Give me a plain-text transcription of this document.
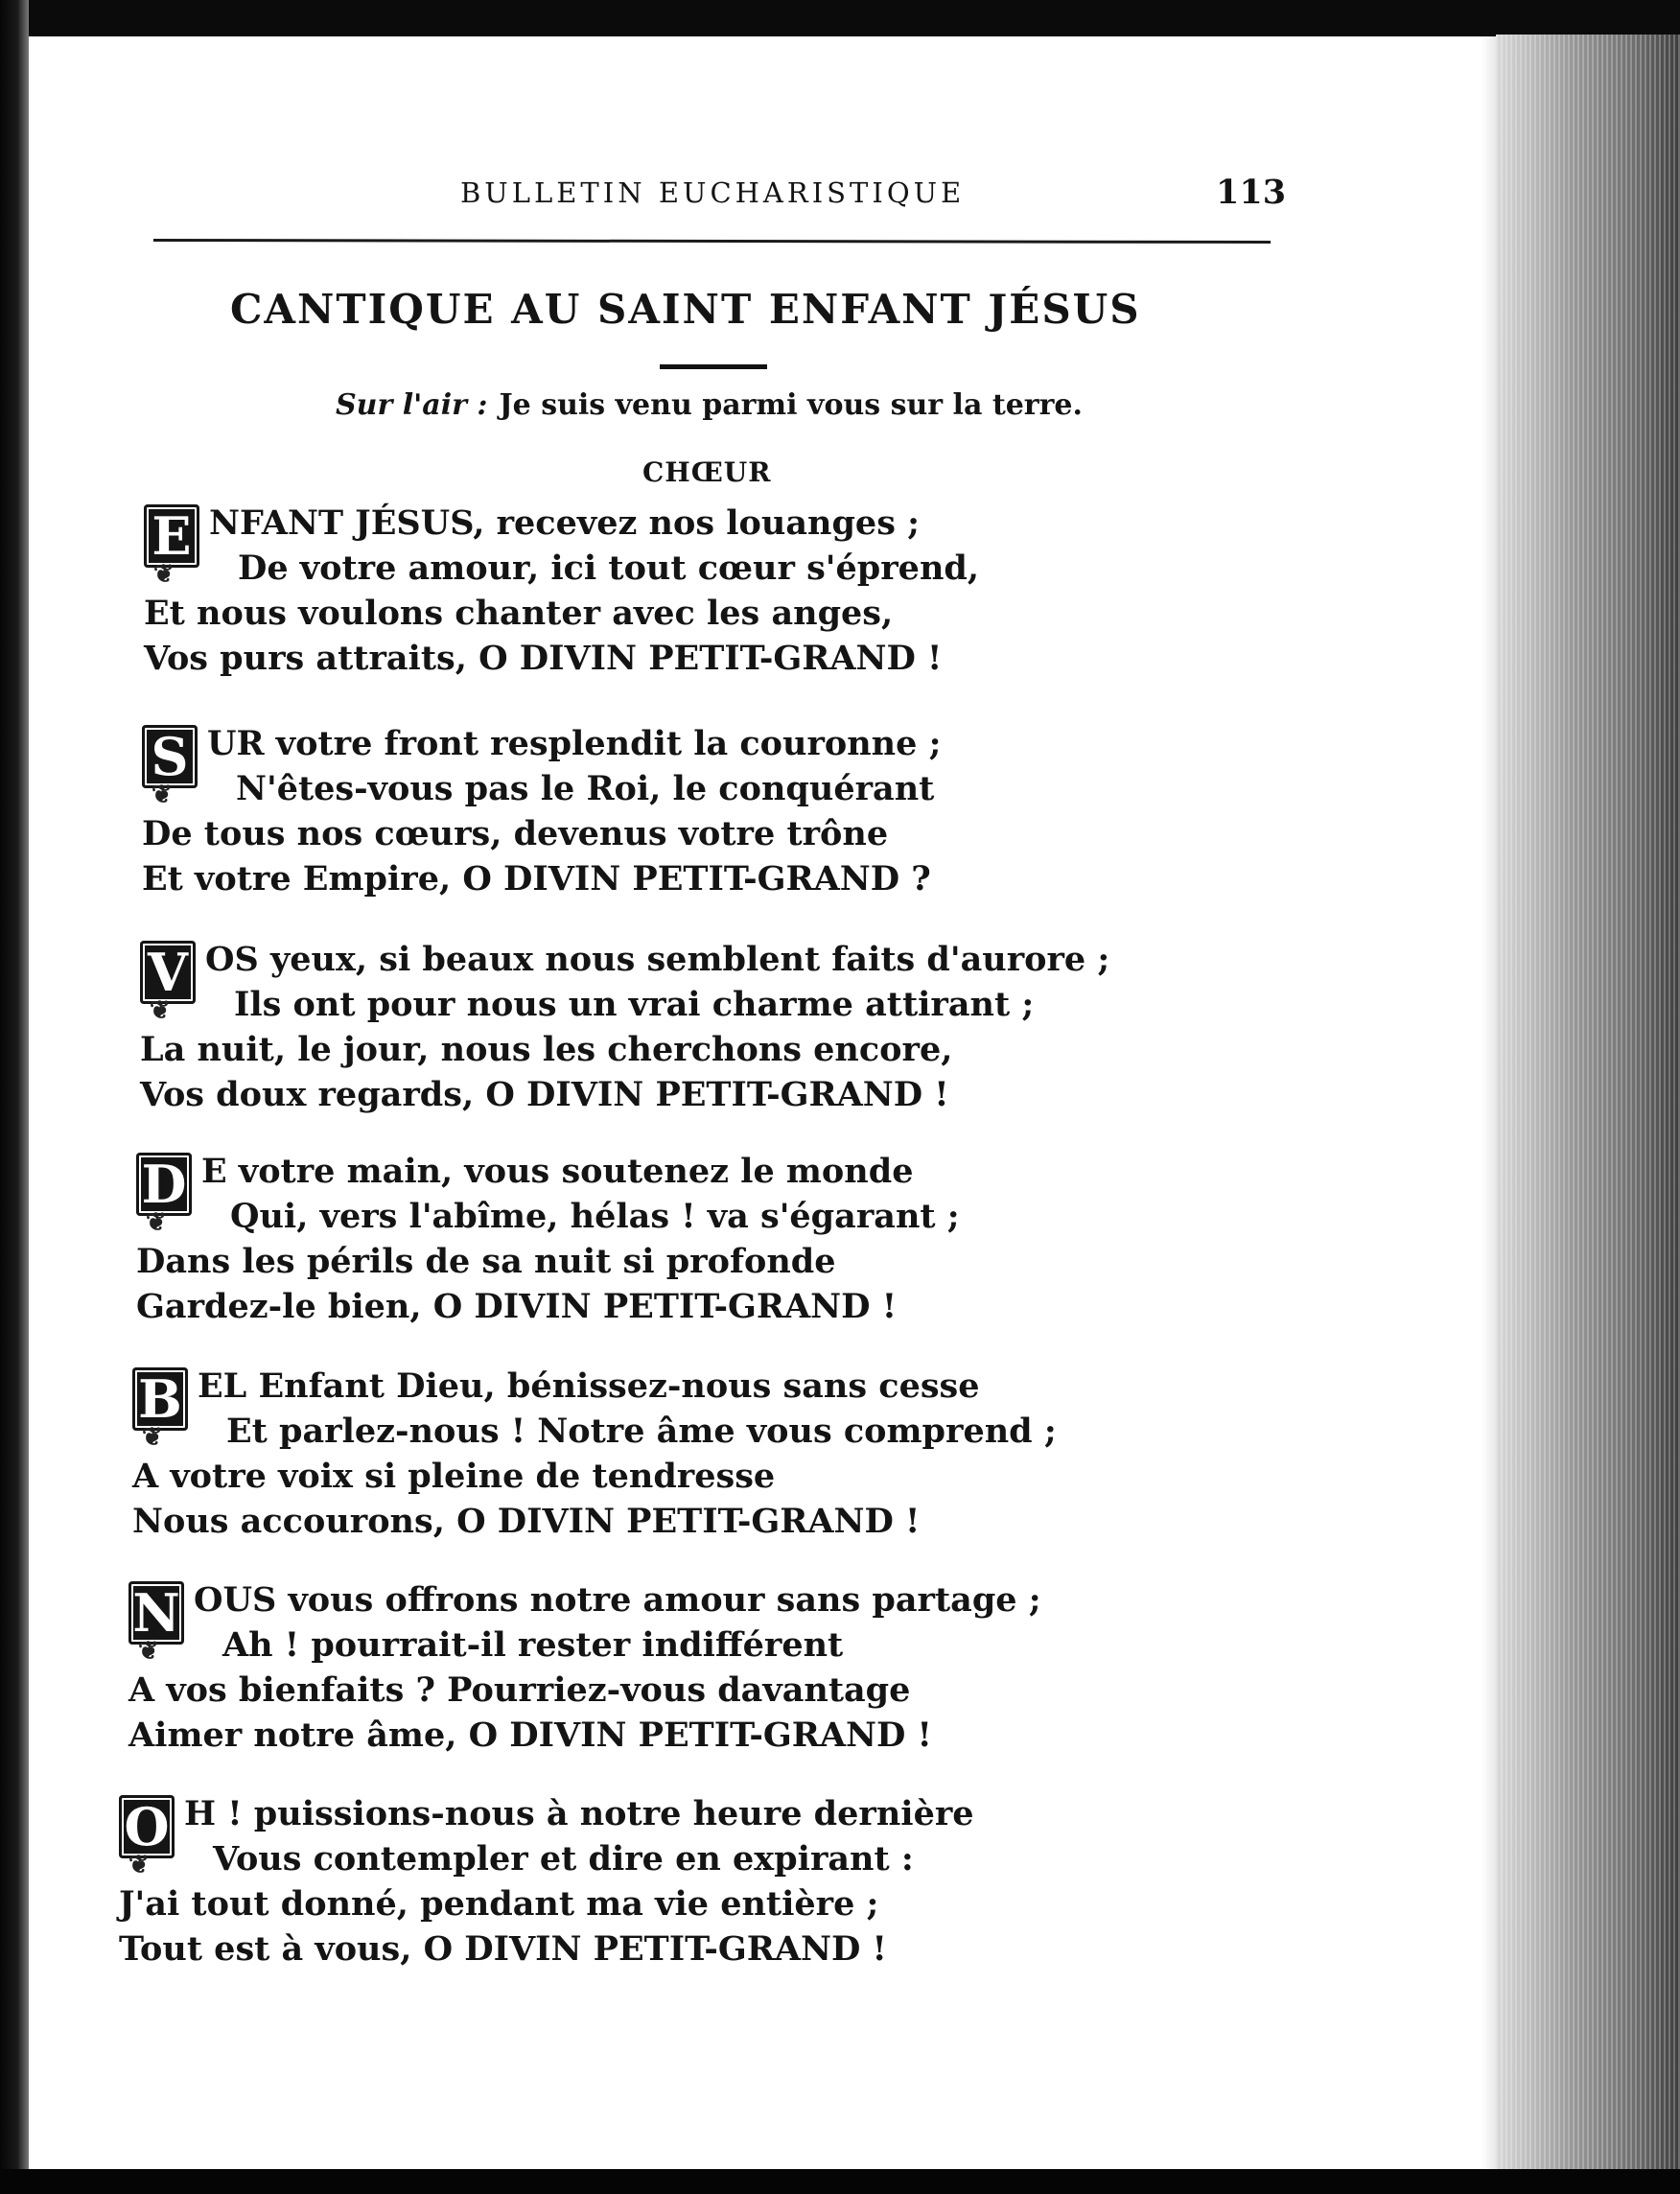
BULLETIN EUCHARISTIQUE	113
CANTIQUE AU SAINT ENFANT JÉSUS
Sur l'air : Je suis venu parmi vous sur la terre.
CHŒUR
E ❦ NFANT JÉSUS, recevez nos louanges ;
De votre amour, ici tout cœur s'éprend,
Et nous voulons chanter avec les anges,
Vos purs attraits, O DIVIN PETIT-GRAND !
S ❦ UR votre front resplendit la couronne ;
N'êtes-vous pas le Roi, le conquérant
De tous nos cœurs, devenus votre trône
Et votre Empire, O DIVIN PETIT-GRAND ?
V ❦ OS yeux, si beaux nous semblent faits d'aurore ;
Ils ont pour nous un vrai charme attirant ;
La nuit, le jour, nous les cherchons encore,
Vos doux regards, O DIVIN PETIT-GRAND !
D ❦ E votre main, vous soutenez le monde
Qui, vers l'abîme, hélas ! va s'égarant ;
Dans les périls de sa nuit si profonde
Gardez-le bien, O DIVIN PETIT-GRAND !
B ❦ EL Enfant Dieu, bénissez-nous sans cesse
Et parlez-nous ! Notre âme vous comprend ;
A votre voix si pleine de tendresse
Nous accourons, O DIVIN PETIT-GRAND !
N ❦ OUS vous offrons notre amour sans partage ;
Ah ! pourrait-il rester indifférent
A vos bienfaits ? Pourriez-vous davantage
Aimer notre âme, O DIVIN PETIT-GRAND !
O ❦ H ! puissions-nous à notre heure dernière
Vous contempler et dire en expirant :
J'ai tout donné, pendant ma vie entière ;
Tout est à vous, O DIVIN PETIT-GRAND !
